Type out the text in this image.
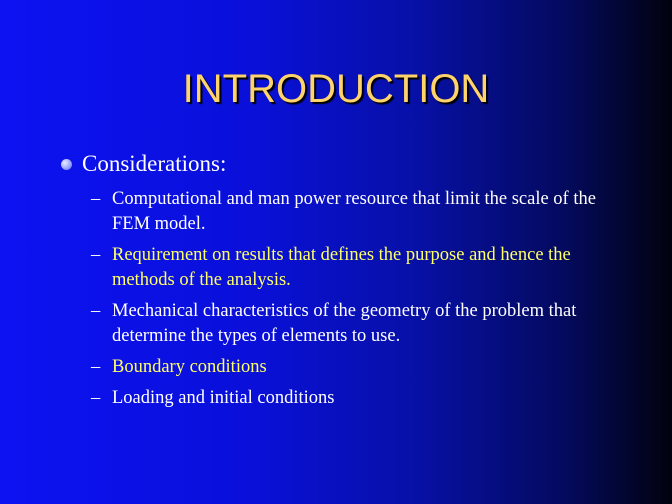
INTRODUCTION
Considerations:
– Computational and man power resource that limit the scale of the FEM model.
– Requirement on results that defines the purpose and hence the methods of the analysis.
– Mechanical characteristics of the geometry of the problem that determine the types of elements to use.
– Boundary conditions
– Loading and initial conditions
